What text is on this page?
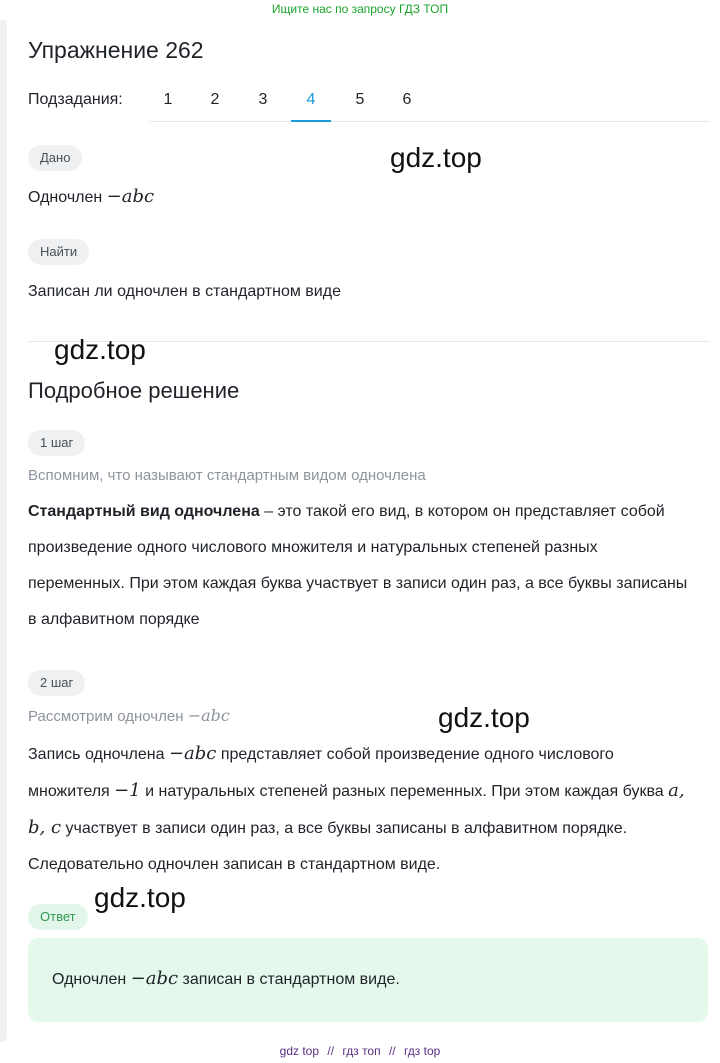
Ищите нас по запросу ГДЗ ТОП
Упражнение 262
Подзадания:	1	2	3	4	5	6
Дано
Одночлен −abc
Найти
Записан ли одночлен в стандартном виде
Подробное решение
1 шаг
Вспомним, что называют стандартным видом одночлена

Стандартный вид одночлена – это такой его вид, в котором он представляет собой произведение одного числового множителя и натуральных степеней разных переменных. При этом каждая буква участвует в записи один раз, а все буквы записаны в алфавитном порядке

2 шаг
Рассмотрим одночлен −abc

Запись одночлена −abc представляет собой произведение одного числового множителя −1 и натуральных степеней разных переменных. При этом каждая буква a, b, c участвует в записи один раз, а все буквы записаны в алфавитном порядке. Следовательно одночлен записан в стандартном виде.

Ответ
Одночлен −abc записан в стандартном виде.
gdz.top
gdz.top
gdz.top
gdz.top
gdz top // гдз топ // гдз top
